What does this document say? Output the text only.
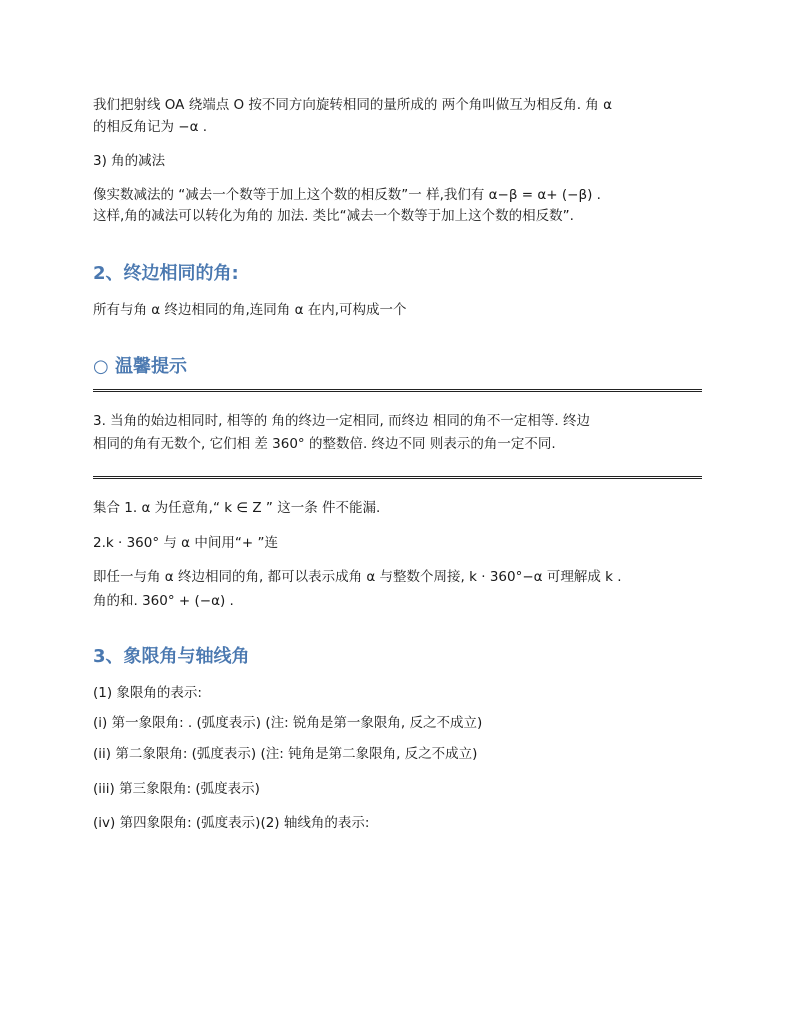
我们把射线 OA 绕端点 O 按不同方向旋转相同的量所成的 两个角叫做互为相反角. 角 α
的相反角记为 −α .
3) 角的减法
像实数减法的 “减去一个数等于加上这个数的相反数”一 样,我们有 α−β = α+ (−β) .
这样,角的减法可以转化为角的 加法. 类比“减去一个数等于加上这个数的相反数”.
2、终边相同的角:
所有与角 α 终边相同的角,连同角 α 在内,可构成一个
○ 温馨提示
3. 当角的始边相同时, 相等的 角的终边一定相同, 而终边 相同的角不一定相等. 终边
相同的角有无数个, 它们相 差 360° 的整数倍. 终边不同 则表示的角一定不同.
集合 1. α 为任意角,“ k ∈ Z ” 这一条 件不能漏.
2.k · 360° 与 α 中间用“+ ”连
即任一与角 α 终边相同的角, 都可以表示成角 α 与整数个周接, k · 360°−α 可理解成 k .
角的和. 360° + (−α) .
3、象限角与轴线角
(1) 象限角的表示:
(i) 第一象限角: . (弧度表示) (注: 锐角是第一象限角, 反之不成立)
(ii) 第二象限角: (弧度表示) (注: 钝角是第二象限角, 反之不成立)
(iii) 第三象限角: (弧度表示)
(iv) 第四象限角: (弧度表示)(2) 轴线角的表示:
